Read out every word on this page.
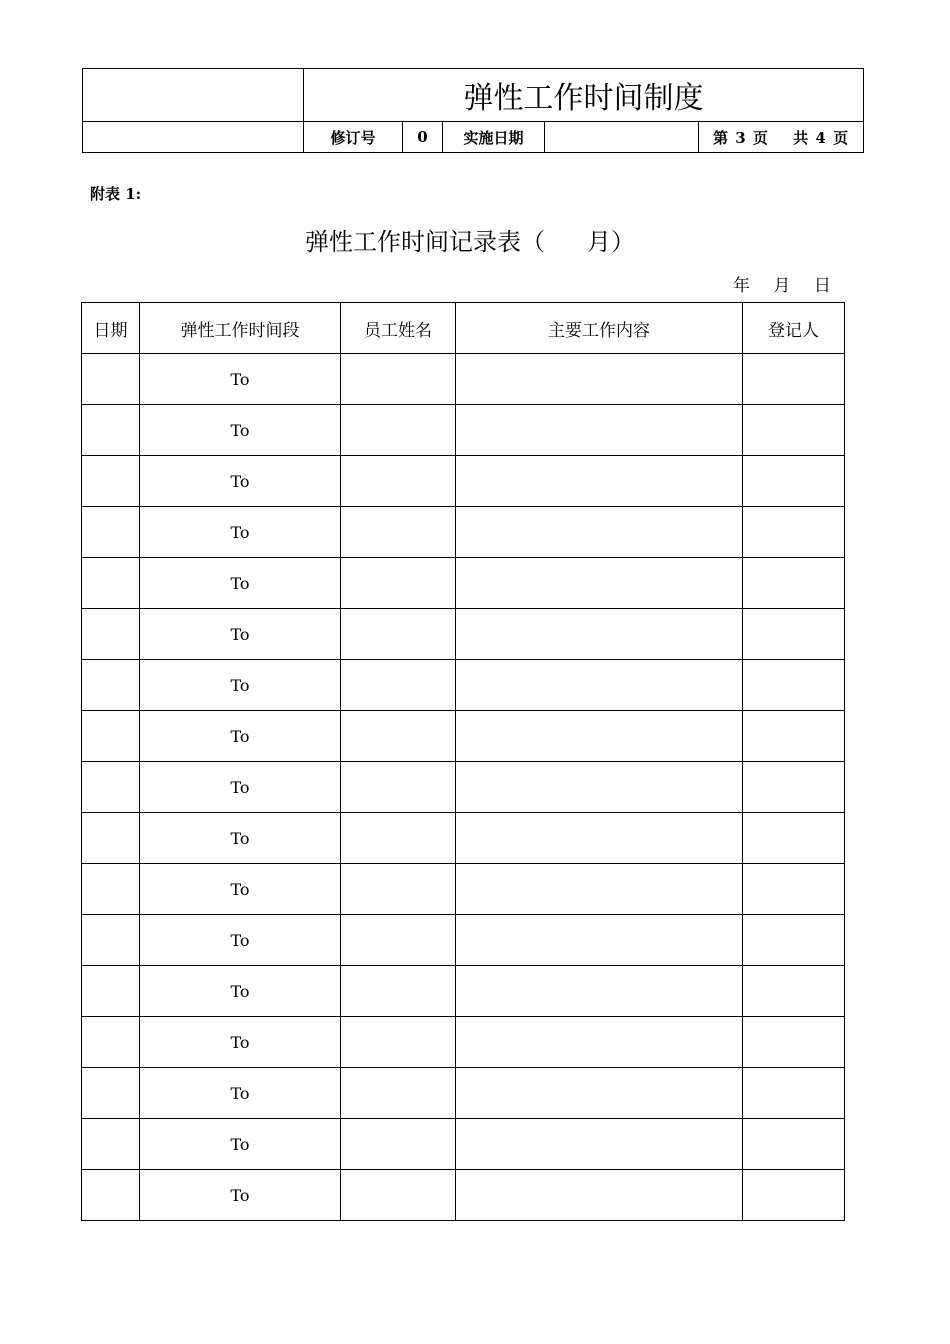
	弹性工作时间制度				
	修订号	0	实施日期		第 3 页 共 4 页
附表 1:
弹性工作时间记录表（ 月）
年 月 日
日期	弹性工作时间段	员工姓名	主要工作内容	登记人
	To			
	To			
	To			
	To			
	To			
	To			
	To			
	To			
	To			
	To			
	To			
	To			
	To			
	To			
	To			
	To			
	To			
